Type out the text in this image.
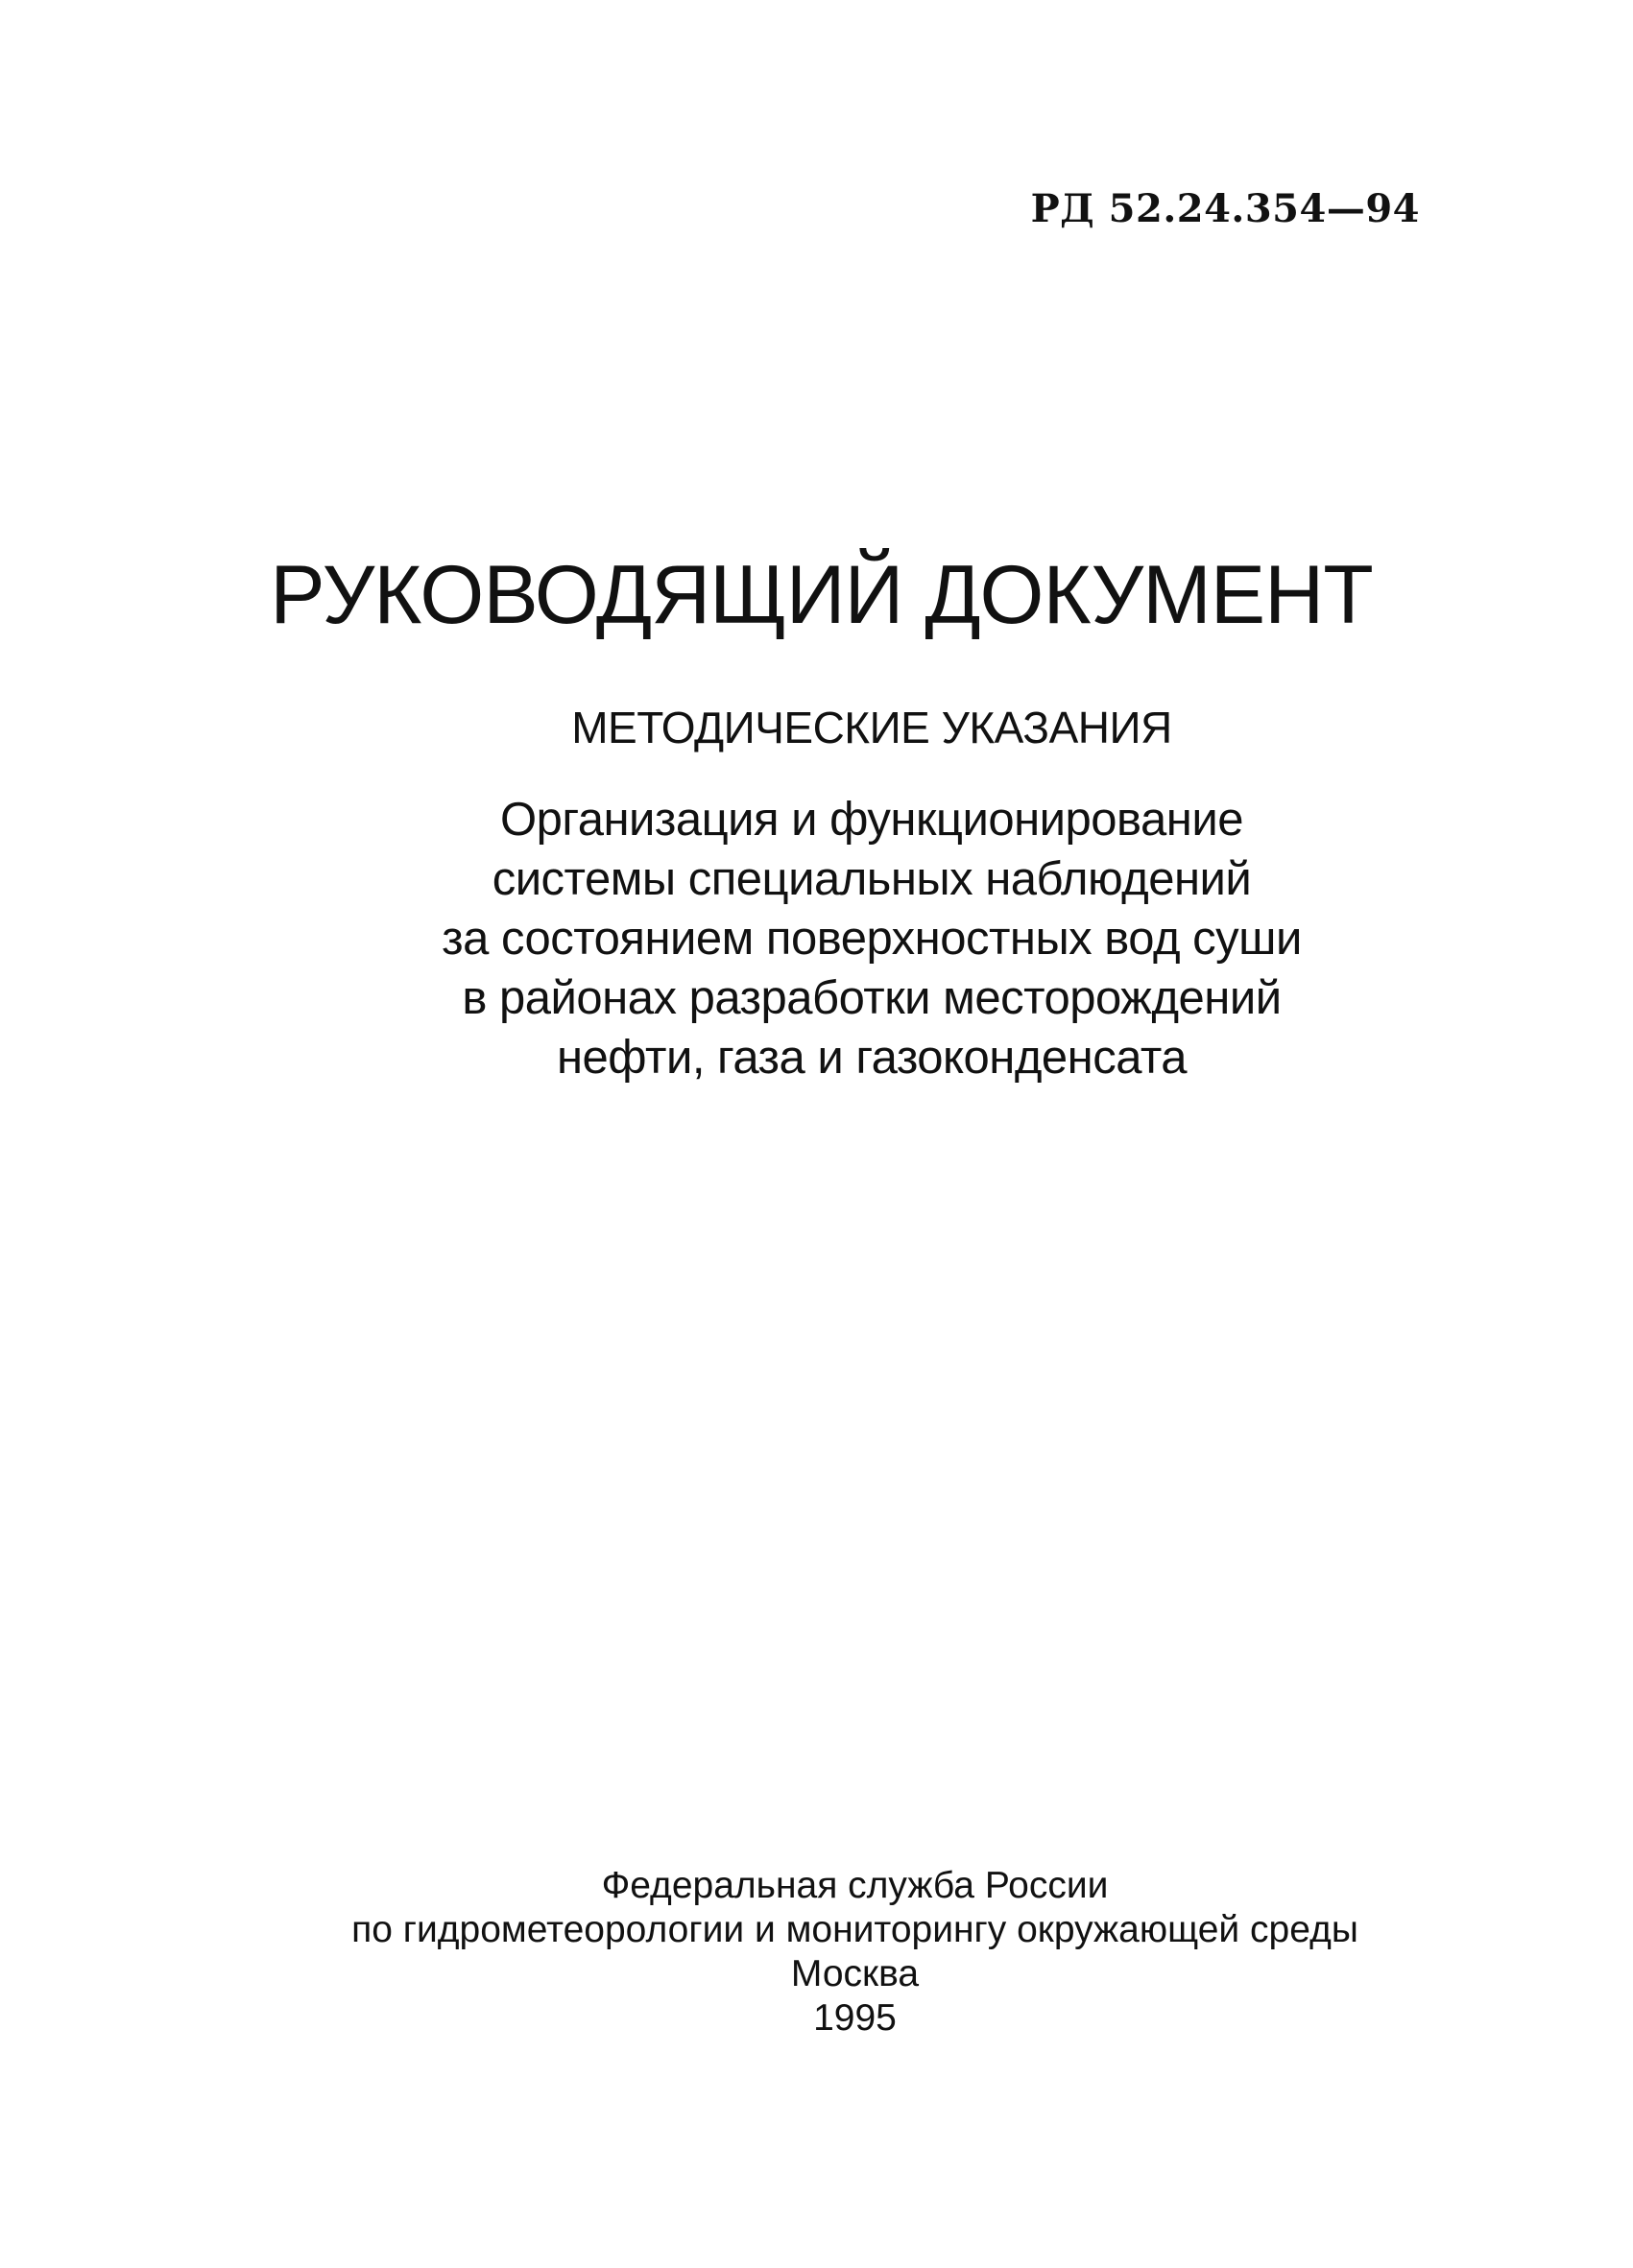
РД 52.24.354—94
РУКОВОДЯЩИЙ ДОКУМЕНТ
МЕТОДИЧЕСКИЕ УКАЗАНИЯ
Организация и функционирование
системы специальных наблюдений
за состоянием поверхностных вод суши
в районах разработки месторождений
нефти, газа и газоконденсата
Федеральная служба России
по гидрометеорологии и мониторингу окружающей среды
Москва
1995
